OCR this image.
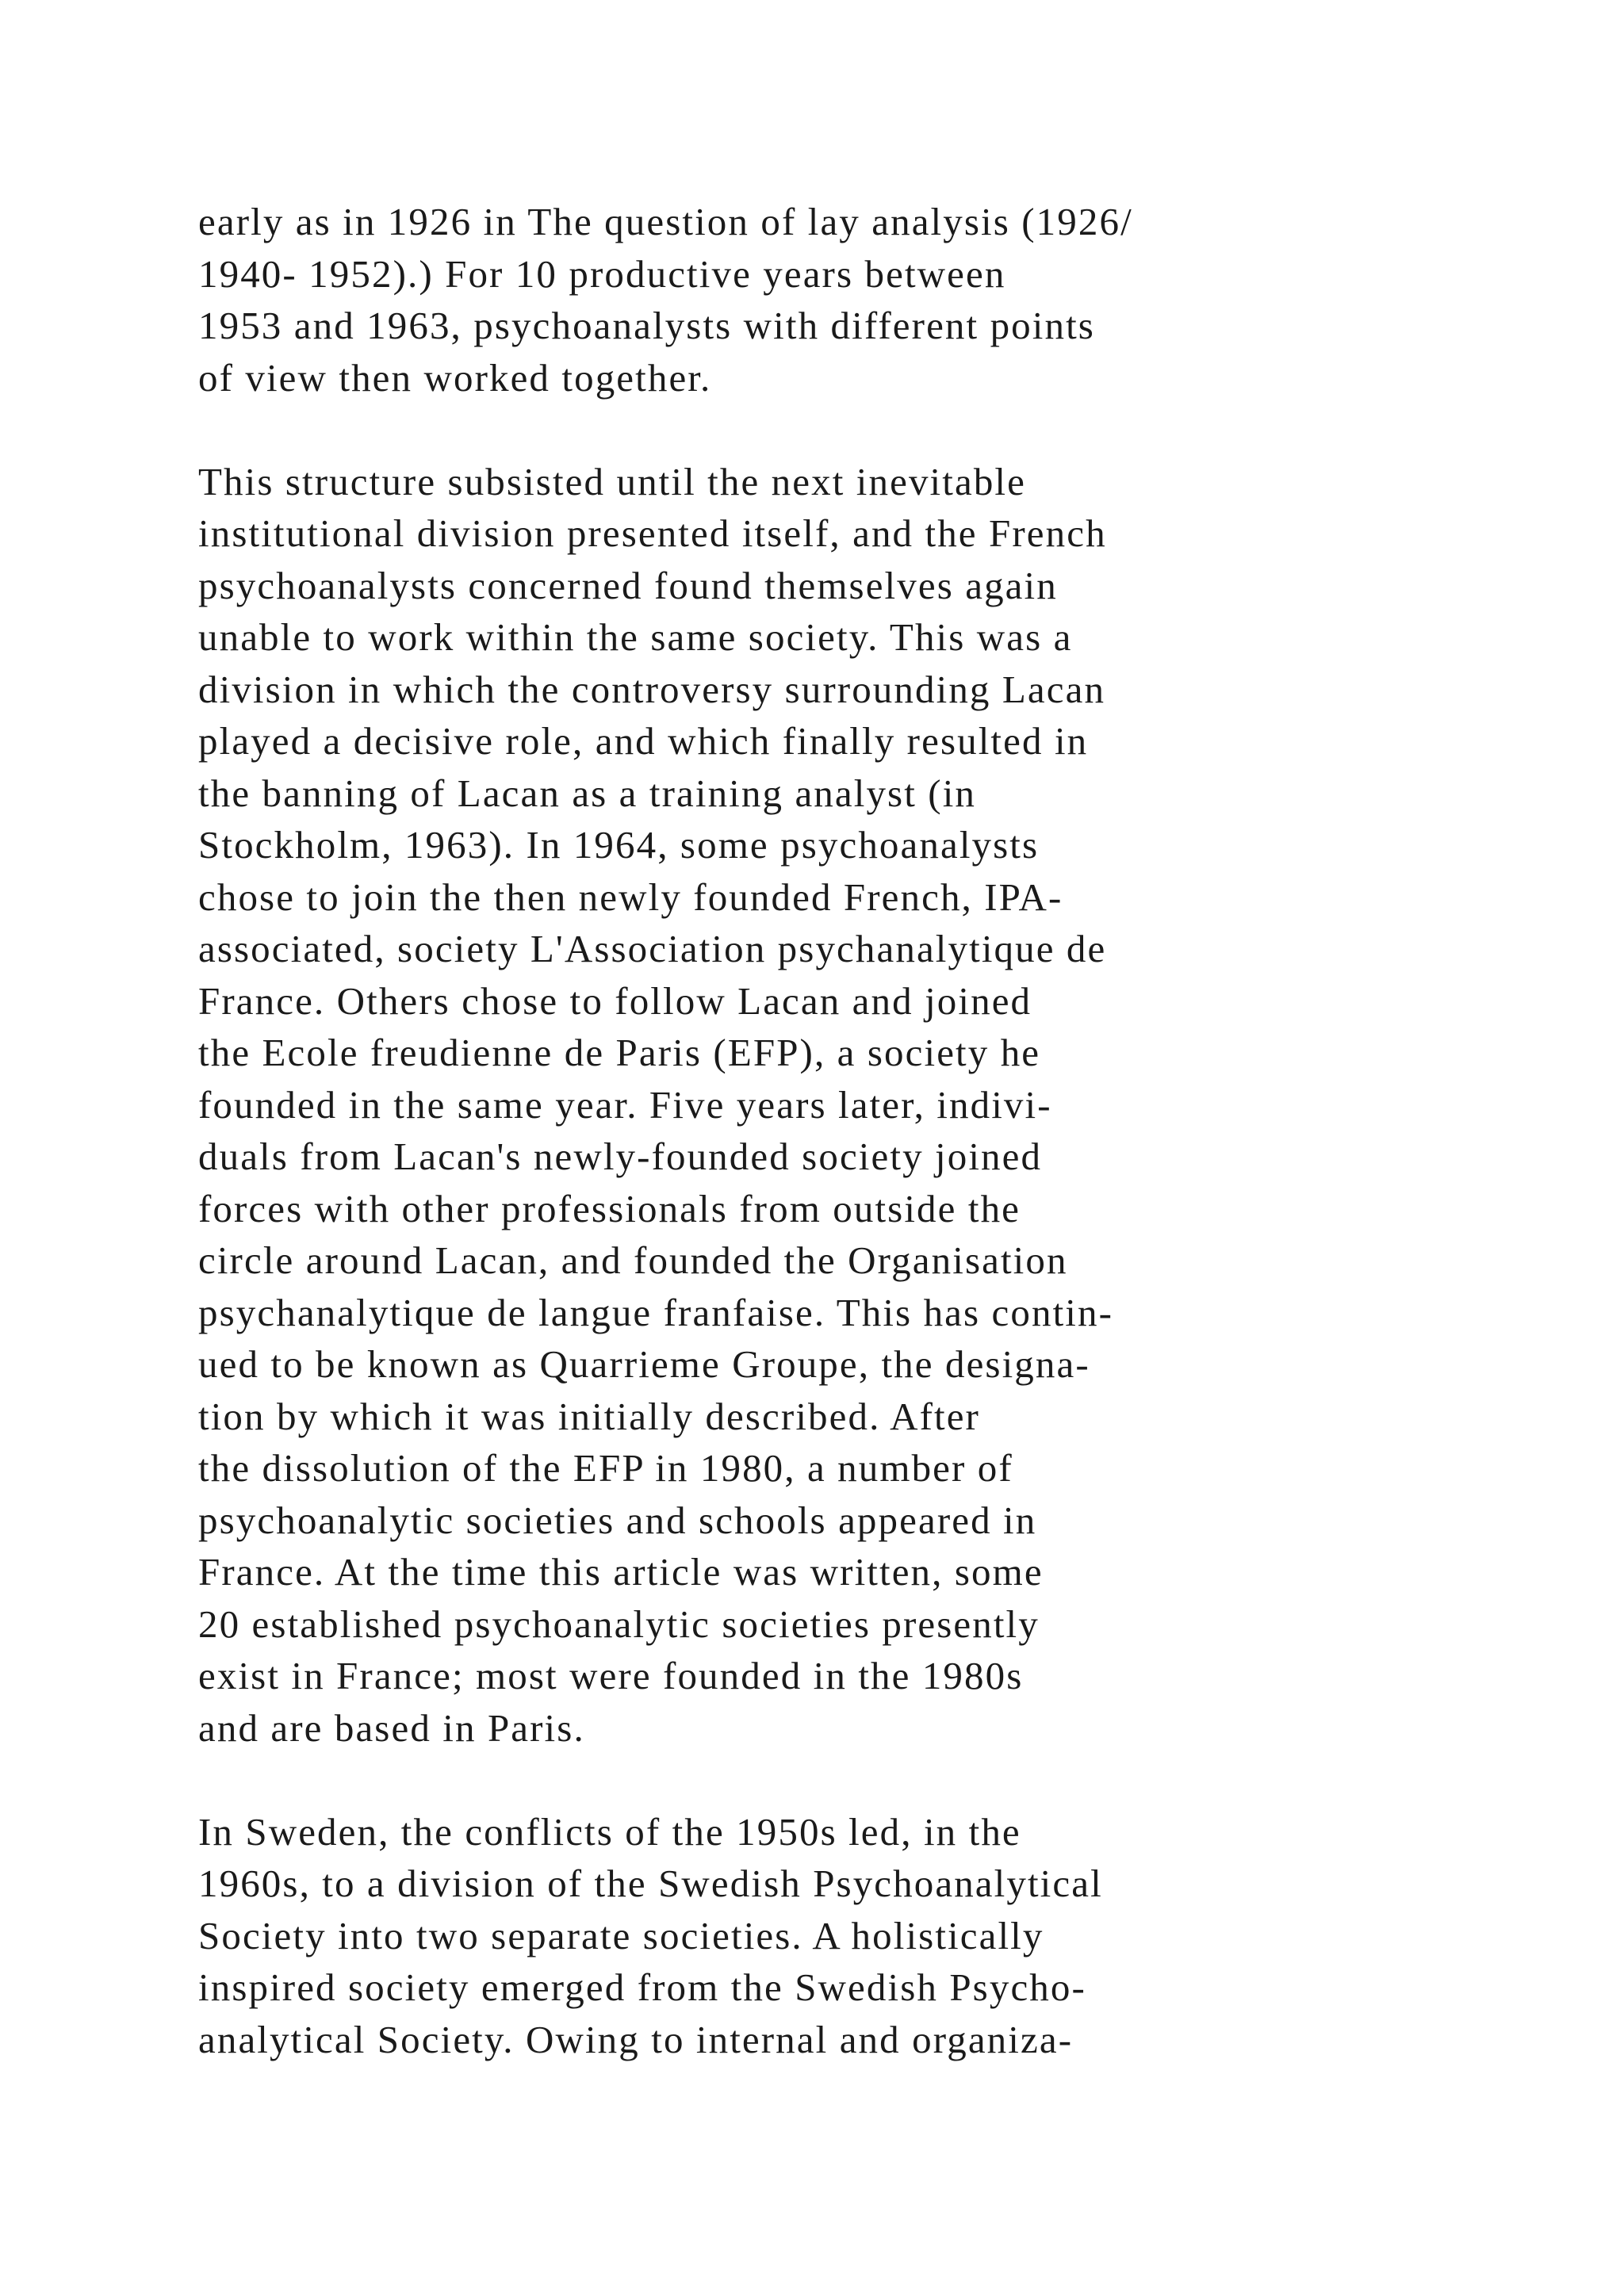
early as in 1926 in The question of lay analysis (1926/
1940- 1952).) For 10 productive years between
1953 and 1963, psychoanalysts with different points
of view then worked together.
This structure subsisted until the next inevitable
institutional division presented itself, and the French
psychoanalysts concerned found themselves again
unable to work within the same society. This was a
division in which the controversy surrounding Lacan
played a decisive role, and which finally resulted in
the banning of Lacan as a training analyst (in
Stockholm, 1963). In 1964, some psychoanalysts
chose to join the then newly founded French, IPA-
associated, society L'Association psychanalytique de
France. Others chose to follow Lacan and joined
the Ecole freudienne de Paris (EFP), a society he
founded in the same year. Five years later, indivi-
duals from Lacan's newly-founded society joined
forces with other professionals from outside the
circle around Lacan, and founded the Organisation
psychanalytique de langue franfaise. This has contin-
ued to be known as Quarrieme Groupe, the designa-
tion by which it was initially described. After
the dissolution of the EFP in 1980, a number of
psychoanalytic societies and schools appeared in
France. At the time this article was written, some
20 established psychoanalytic societies presently
exist in France; most were founded in the 1980s
and are based in Paris.
In Sweden, the conflicts of the 1950s led, in the
1960s, to a division of the Swedish Psychoanalytical
Society into two separate societies. A holistically
inspired society emerged from the Swedish Psycho-
analytical Society. Owing to internal and organiza-
